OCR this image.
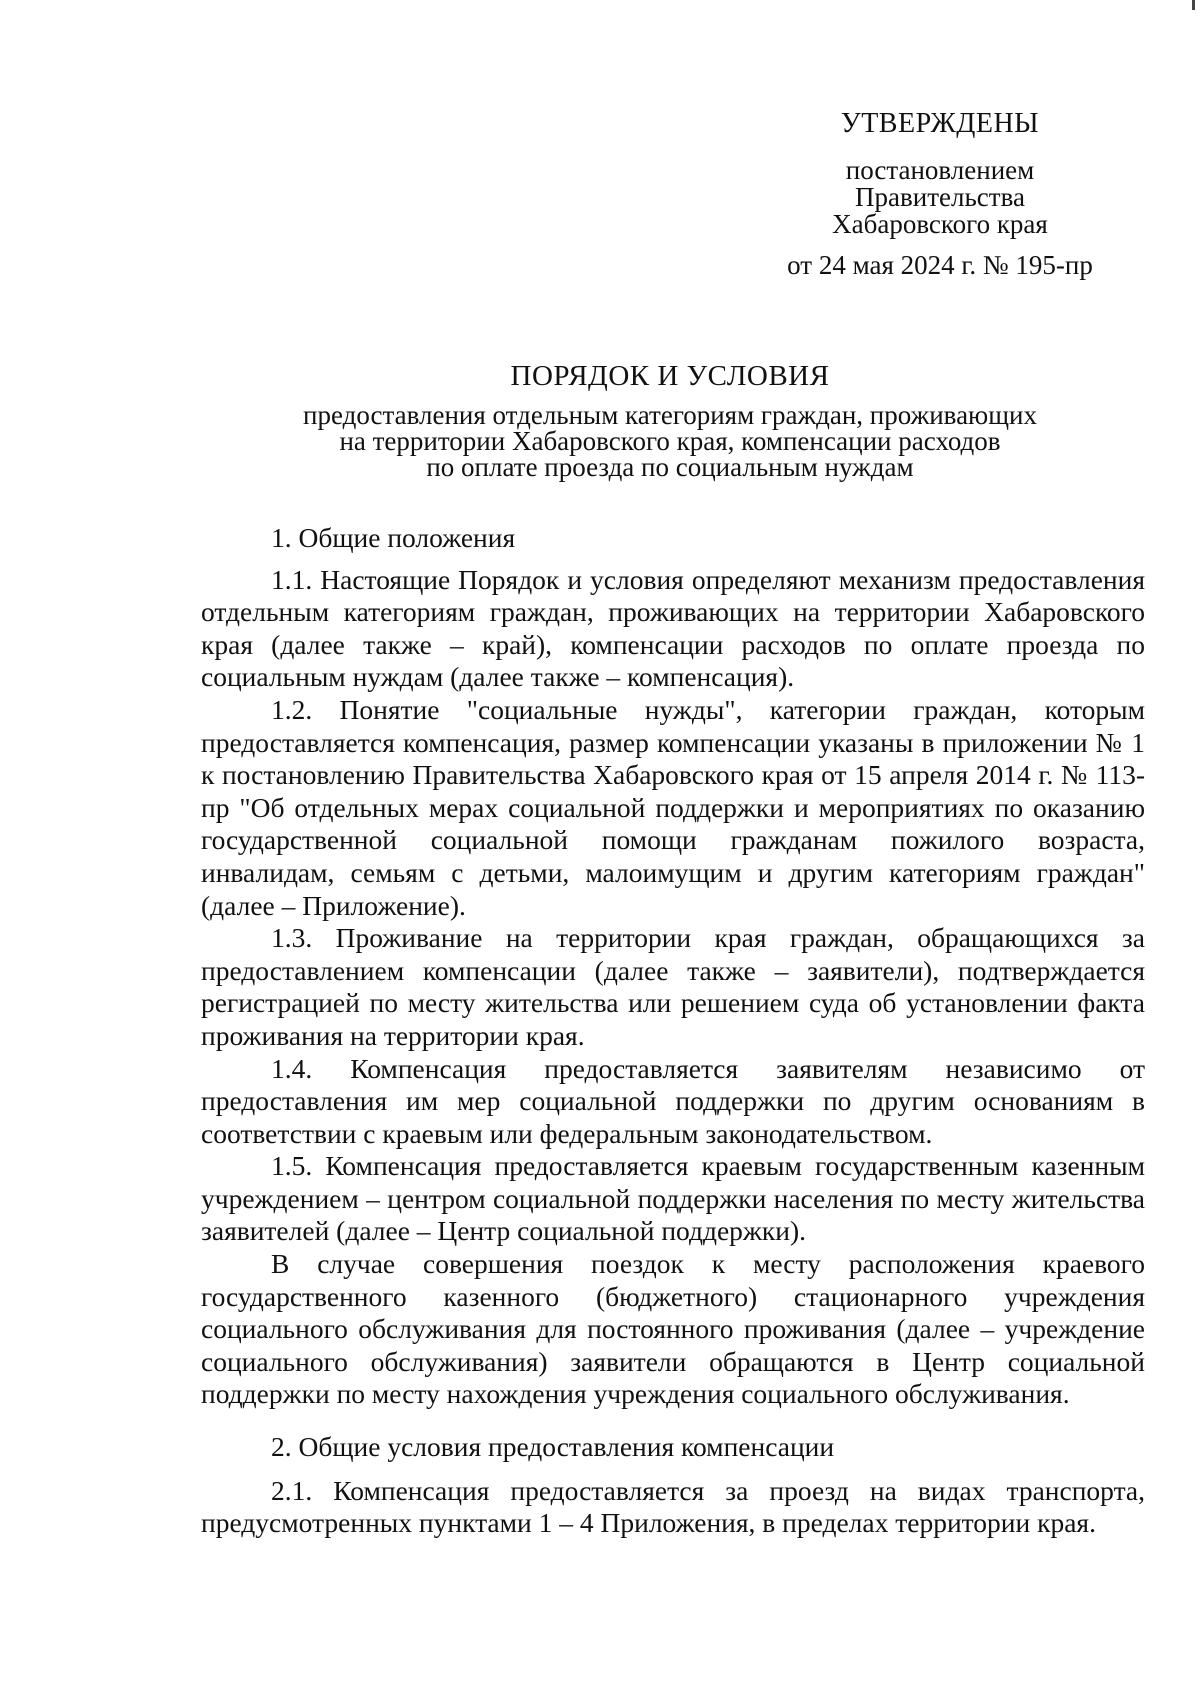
УТВЕРЖДЕНЫ
постановлением
Правительства
Хабаровского края
от 24 мая 2024 г. № 195-пр
ПОРЯДОК И УСЛОВИЯ
предоставления отдельным категориям граждан, проживающих
на территории Хабаровского края, компенсации расходов
по оплате проезда по социальным нуждам

1. Общие положения

1.1. Настоящие Порядок и условия определяют механизм предоставления отдельным категориям граждан, проживающих на территории Хабаровского края (далее также – край), компенсации расходов по оплате проезда по социальным нуждам (далее также – компенсация).

1.2. Понятие "социальные нужды", категории граждан, которым предоставляется компенсация, размер компенсации указаны в приложении № 1 к постановлению Правительства Хабаровского края от 15 апреля 2014 г. № 113-пр "Об отдельных мерах социальной поддержки и мероприятиях по оказанию государственной социальной помощи гражданам пожилого возраста, инвалидам, семьям с детьми, малоимущим и другим категориям граждан" (далее – Приложение).

1.3. Проживание на территории края граждан, обращающихся за предоставлением компенсации (далее также – заявители), подтверждается регистрацией по месту жительства или решением суда об установлении факта проживания на территории края.

1.4. Компенсация предоставляется заявителям независимо от предоставления им мер социальной поддержки по другим основаниям в соответствии с краевым или федеральным законодательством.

1.5. Компенсация предоставляется краевым государственным казенным учреждением – центром социальной поддержки населения по месту жительства заявителей (далее – Центр социальной поддержки).

В случае совершения поездок к месту расположения краевого государственного казенного (бюджетного) стационарного учреждения социального обслуживания для постоянного проживания (далее – учреждение социального обслуживания) заявители обращаются в Центр социальной поддержки по месту нахождения учреждения социального обслуживания.

2. Общие условия предоставления компенсации

2.1. Компенсация предоставляется за проезд на видах транспорта, предусмотренных пунктами 1 – 4 Приложения, в пределах территории края.
